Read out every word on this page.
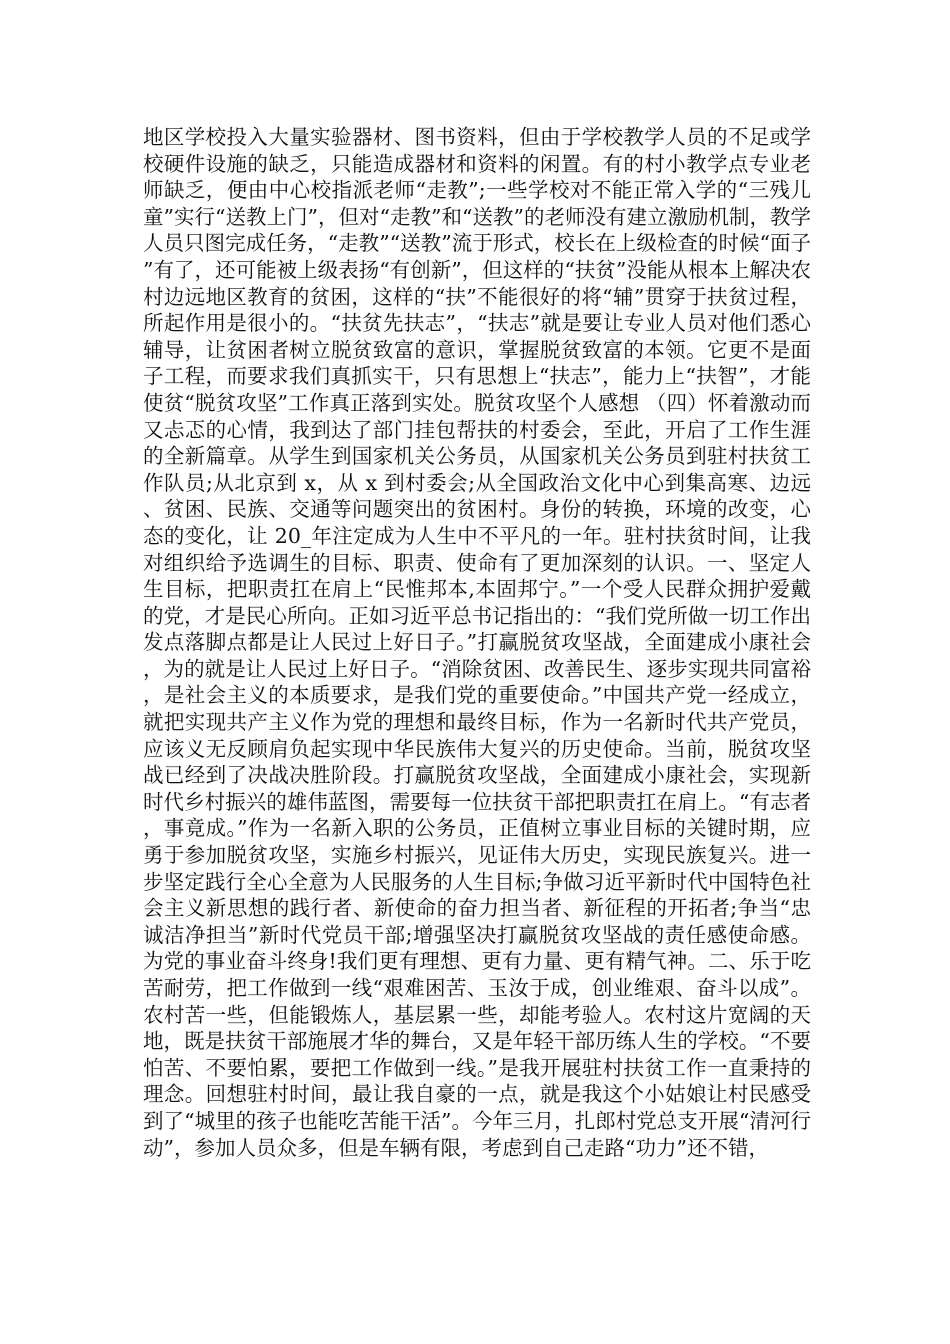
地区学校投入大量实验器材、图书资料，但由于学校教学人员的不足或学校硬件设施的缺乏，只能造成器材和资料的闲置。有的村小教学点专业老师缺乏，便由中心校指派老师“走教”;一些学校对不能正常入学的“三残儿童”实行“送教上门”，但对“走教”和“送教”的老师没有建立激励机制，教学人员只图完成任务，“走教”“送教”流于形式，校长在上级检查的时候“面子”有了，还可能被上级表扬“有创新”，但这样的“扶贫”没能从根本上解决农村边远地区教育的贫困，这样的“扶”不能很好的将“辅”贯穿于扶贫过程，所起作用是很小的。“扶贫先扶志”，“扶志”就是要让专业人员对他们悉心辅导，让贫困者树立脱贫致富的意识，掌握脱贫致富的本领。它更不是面子工程，而要求我们真抓实干，只有思想上“扶志”，能力上“扶智”，才能使贫“脱贫攻坚”工作真正落到实处。脱贫攻坚个人感想 （四）怀着激动而又忐忑的心情，我到达了部门挂包帮扶的村委会，至此，开启了工作生涯的全新篇章。从学生到国家机关公务员，从国家机关公务员到驻村扶贫工作队员;从北京到 x，从 x 到村委会;从全国政治文化中心到集高寒、边远、贫困、民族、交通等问题突出的贫困村。身份的转换，环境的改变，心态的变化，让 20_年注定成为人生中不平凡的一年。驻村扶贫时间，让我对组织给予选调生的目标、职责、使命有了更加深刻的认识。一、坚定人生目标，把职责扛在肩上“民惟邦本,本固邦宁。”一个受人民群众拥护爱戴的党，才是民心所向。正如习近平总书记指出的：“我们党所做一切工作出发点落脚点都是让人民过上好日子。”打赢脱贫攻坚战，全面建成小康社会，为的就是让人民过上好日子。“消除贫困、改善民生、逐步实现共同富裕，是社会主义的本质要求，是我们党的重要使命。”中国共产党一经成立，就把实现共产主义作为党的理想和最终目标，作为一名新时代共产党员，应该义无反顾肩负起实现中华民族伟大复兴的历史使命。当前，脱贫攻坚战已经到了决战决胜阶段。打赢脱贫攻坚战，全面建成小康社会，实现新时代乡村振兴的雄伟蓝图，需要每一位扶贫干部把职责扛在肩上。“有志者，事竟成。”作为一名新入职的公务员，正值树立事业目标的关键时期，应勇于参加脱贫攻坚，实施乡村振兴，见证伟大历史，实现民族复兴。进一步坚定践行全心全意为人民服务的人生目标;争做习近平新时代中国特色社会主义新思想的践行者、新使命的奋力担当者、新征程的开拓者;争当“忠诚洁净担当”新时代党员干部;增强坚决打赢脱贫攻坚战的责任感使命感。为党的事业奋斗终身!我们更有理想、更有力量、更有精气神。二、乐于吃苦耐劳，把工作做到一线“艰难困苦、玉汝于成，创业维艰、奋斗以成”。农村苦一些，但能锻炼人，基层累一些，却能考验人。农村这片宽阔的天地，既是扶贫干部施展才华的舞台，又是年轻干部历练人生的学校。“不要怕苦、不要怕累，要把工作做到一线。”是我开展驻村扶贫工作一直秉持的理念。回想驻村时间，最让我自豪的一点，就是我这个小姑娘让村民感受到了“城里的孩子也能吃苦能干活”。今年三月，扎郎村党总支开展“清河行动”，参加人员众多，但是车辆有限，考虑到自己走路“功力”还不错，
